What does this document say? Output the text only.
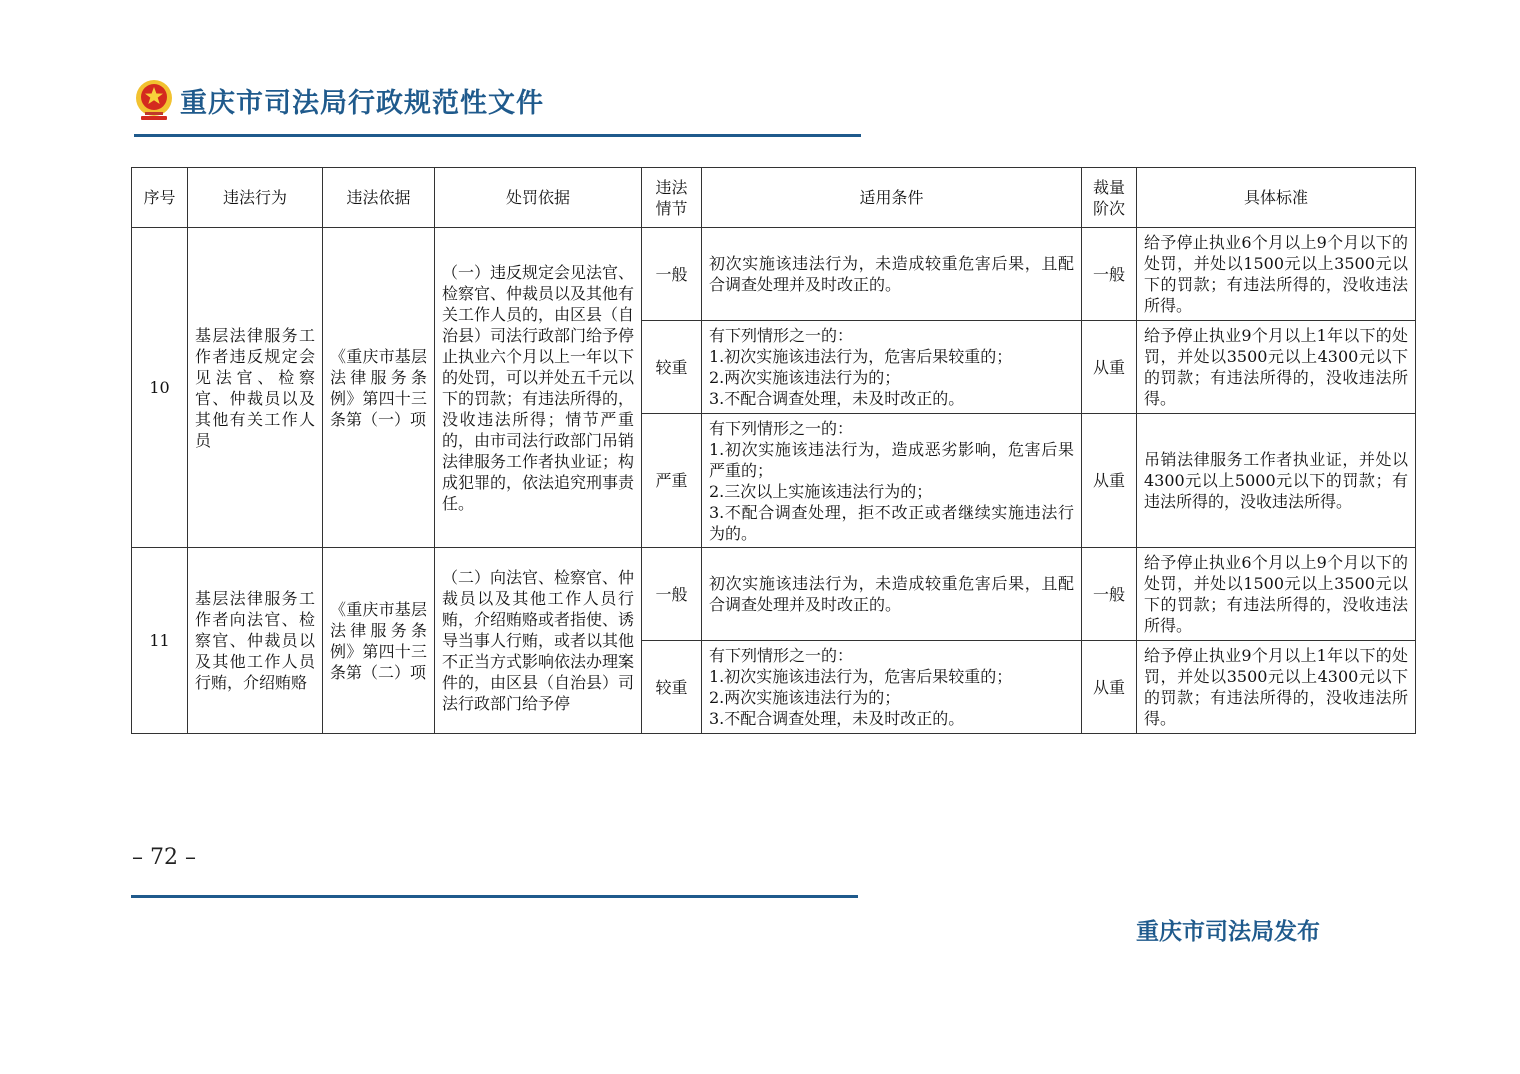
重庆市司法局行政规范性文件
序号	违法行为	违法依据	处罚依据	违法情节	适用条件	裁量阶次	具体标准
10	基层法律服务工作者违反规定会见法官、检察官、仲裁员以及其他有关工作人员	《重庆市基层法律服务条例》第四十三条第（一）项	（一）违反规定会见法官、检察官、仲裁员以及其他有关工作人员的，由区县（自治县）司法行政部门给予停止执业六个月以上一年以下的处罚，可以并处五千元以下的罚款；有违法所得的，没收违法所得；情节严重的，由市司法行政部门吊销法律服务工作者执业证；构成犯罪的，依法追究刑事责任。	一般	初次实施该违法行为，未造成较重危害后果，且配合调查处理并及时改正的。	一般	给予停止执业6个月以上9个月以下的处罚，并处以1500元以上3500元以下的罚款；有违法所得的，没收违法所得。
				较重	有下列情形之一的：
1.初次实施该违法行为，危害后果较重的；
2.两次实施该违法行为的；
3.不配合调查处理，未及时改正的。	从重	给予停止执业9个月以上1年以下的处罚，并处以3500元以上4300元以下的罚款；有违法所得的，没收违法所得。
				严重	有下列情形之一的：
1.初次实施该违法行为，造成恶劣影响，危害后果严重的；
2.三次以上实施该违法行为的；
3.不配合调查处理，拒不改正或者继续实施违法行为的。	从重	吊销法律服务工作者执业证，并处以4300元以上5000元以下的罚款；有违法所得的，没收违法所得。
11	基层法律服务工作者向法官、检察官、仲裁员以及其他工作人员行贿，介绍贿赂	《重庆市基层法律服务条例》第四十三条第（二）项	（二）向法官、检察官、仲裁员以及其他工作人员行贿，介绍贿赂或者指使、诱导当事人行贿，或者以其他不正当方式影响依法办理案件的，由区县（自治县）司法行政部门给予停	一般	初次实施该违法行为，未造成较重危害后果，且配合调查处理并及时改正的。	一般	给予停止执业6个月以上9个月以下的处罚，并处以1500元以上3500元以下的罚款；有违法所得的，没收违法所得。
				较重	有下列情形之一的：
1.初次实施该违法行为，危害后果较重的；
2.两次实施该违法行为的；
3.不配合调查处理，未及时改正的。	从重	给予停止执业9个月以上1年以下的处罚，并处以3500元以上4300元以下的罚款；有违法所得的，没收违法所得。
– 72 –
重庆市司法局发布
